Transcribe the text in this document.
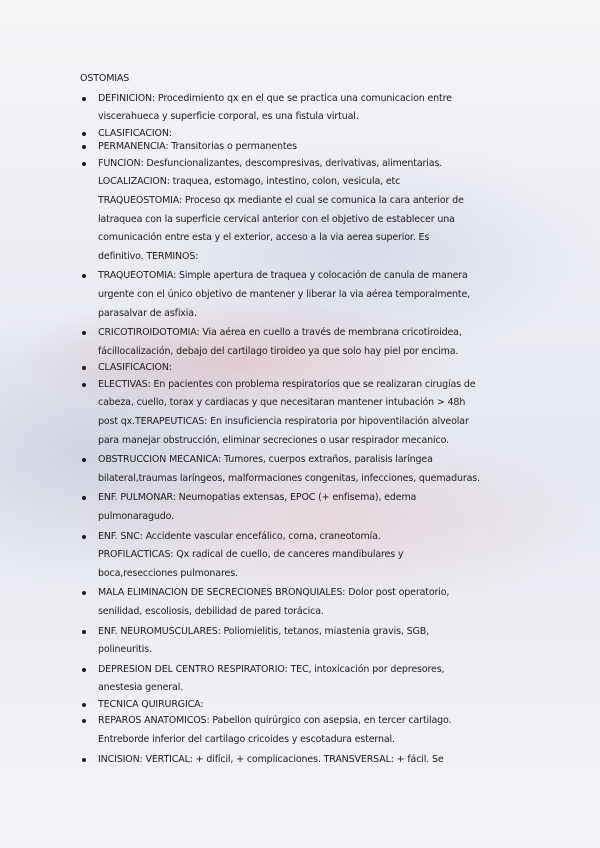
OSTOMIAS
DEFINICION: Procedimiento qx en el que se practica una comunicacion entre
viscerahueca y superficie corporal, es una fistula virtual.
CLASIFICACION:
PERMANENCIA: Transitorias o permanentes
FUNCION: Desfuncionalizantes, descompresivas, derivativas, alimentarias.
LOCALIZACION: traquea, estomago, intestino, colon, vesicula, etc
TRAQUEOSTOMIA: Proceso qx mediante el cual se comunica la cara anterior de
latraquea con la superficie cervical anterior con el objetivo de establecer una
comunicación entre esta y el exterior, acceso a la via aerea superior. Es
definitivo. TERMINOS:
TRAQUEOTOMIA: Simple apertura de traquea y colocación de canula de manera
urgente con el único objetivo de mantener y liberar la via aérea temporalmente,
parasalvar de asfixia.
CRICOTIROIDOTOMIA: Via aérea en cuello a través de membrana cricotiroidea,
fácillocalización, debajo del cartilago tiroideo ya que solo hay piel por encima.
CLASIFICACION:
ELECTIVAS: En pacientes con problema respiratorios que se realizaran cirugías de
cabeza, cuello, torax y cardiacas y que necesitaran mantener intubación > 48h
post qx.TERAPEUTICAS: En insuficiencia respiratoria por hipoventilación alveolar
para manejar obstrucción, eliminar secreciones o usar respirador mecanico.
OBSTRUCCION MECANICA: Tumores, cuerpos extraños, paralisis laríngea
bilateral,traumas laríngeos, malformaciones congenitas, infecciones, quemaduras.
ENF. PULMONAR: Neumopatias extensas, EPOC (+ enfisema), edema
pulmonaragudo.
ENF. SNC: Accidente vascular encefálico, coma, craneotomía.
PROFILACTICAS: Qx radical de cuello, de canceres mandibulares y
boca,resecciones pulmonares.
MALA ELIMINACION DE SECRECIONES BRONQUIALES: Dolor post operatorio,
senilidad, escoliosis, debilidad de pared torácica.
ENF. NEUROMUSCULARES: Poliomielitis, tetanos, miastenia gravis, SGB,
polineuritis.
DEPRESION DEL CENTRO RESPIRATORIO: TEC, intoxicación por depresores,
anestesia general.
TECNICA QUIRURGICA:
REPAROS ANATOMICOS: Pabellon quirúrgico con asepsia, en tercer cartilago.
Entreborde inferior del cartilago cricoides y escotadura esternal.
INCISION: VERTICAL: + difícil, + complicaciones. TRANSVERSAL: + fácil. Se
